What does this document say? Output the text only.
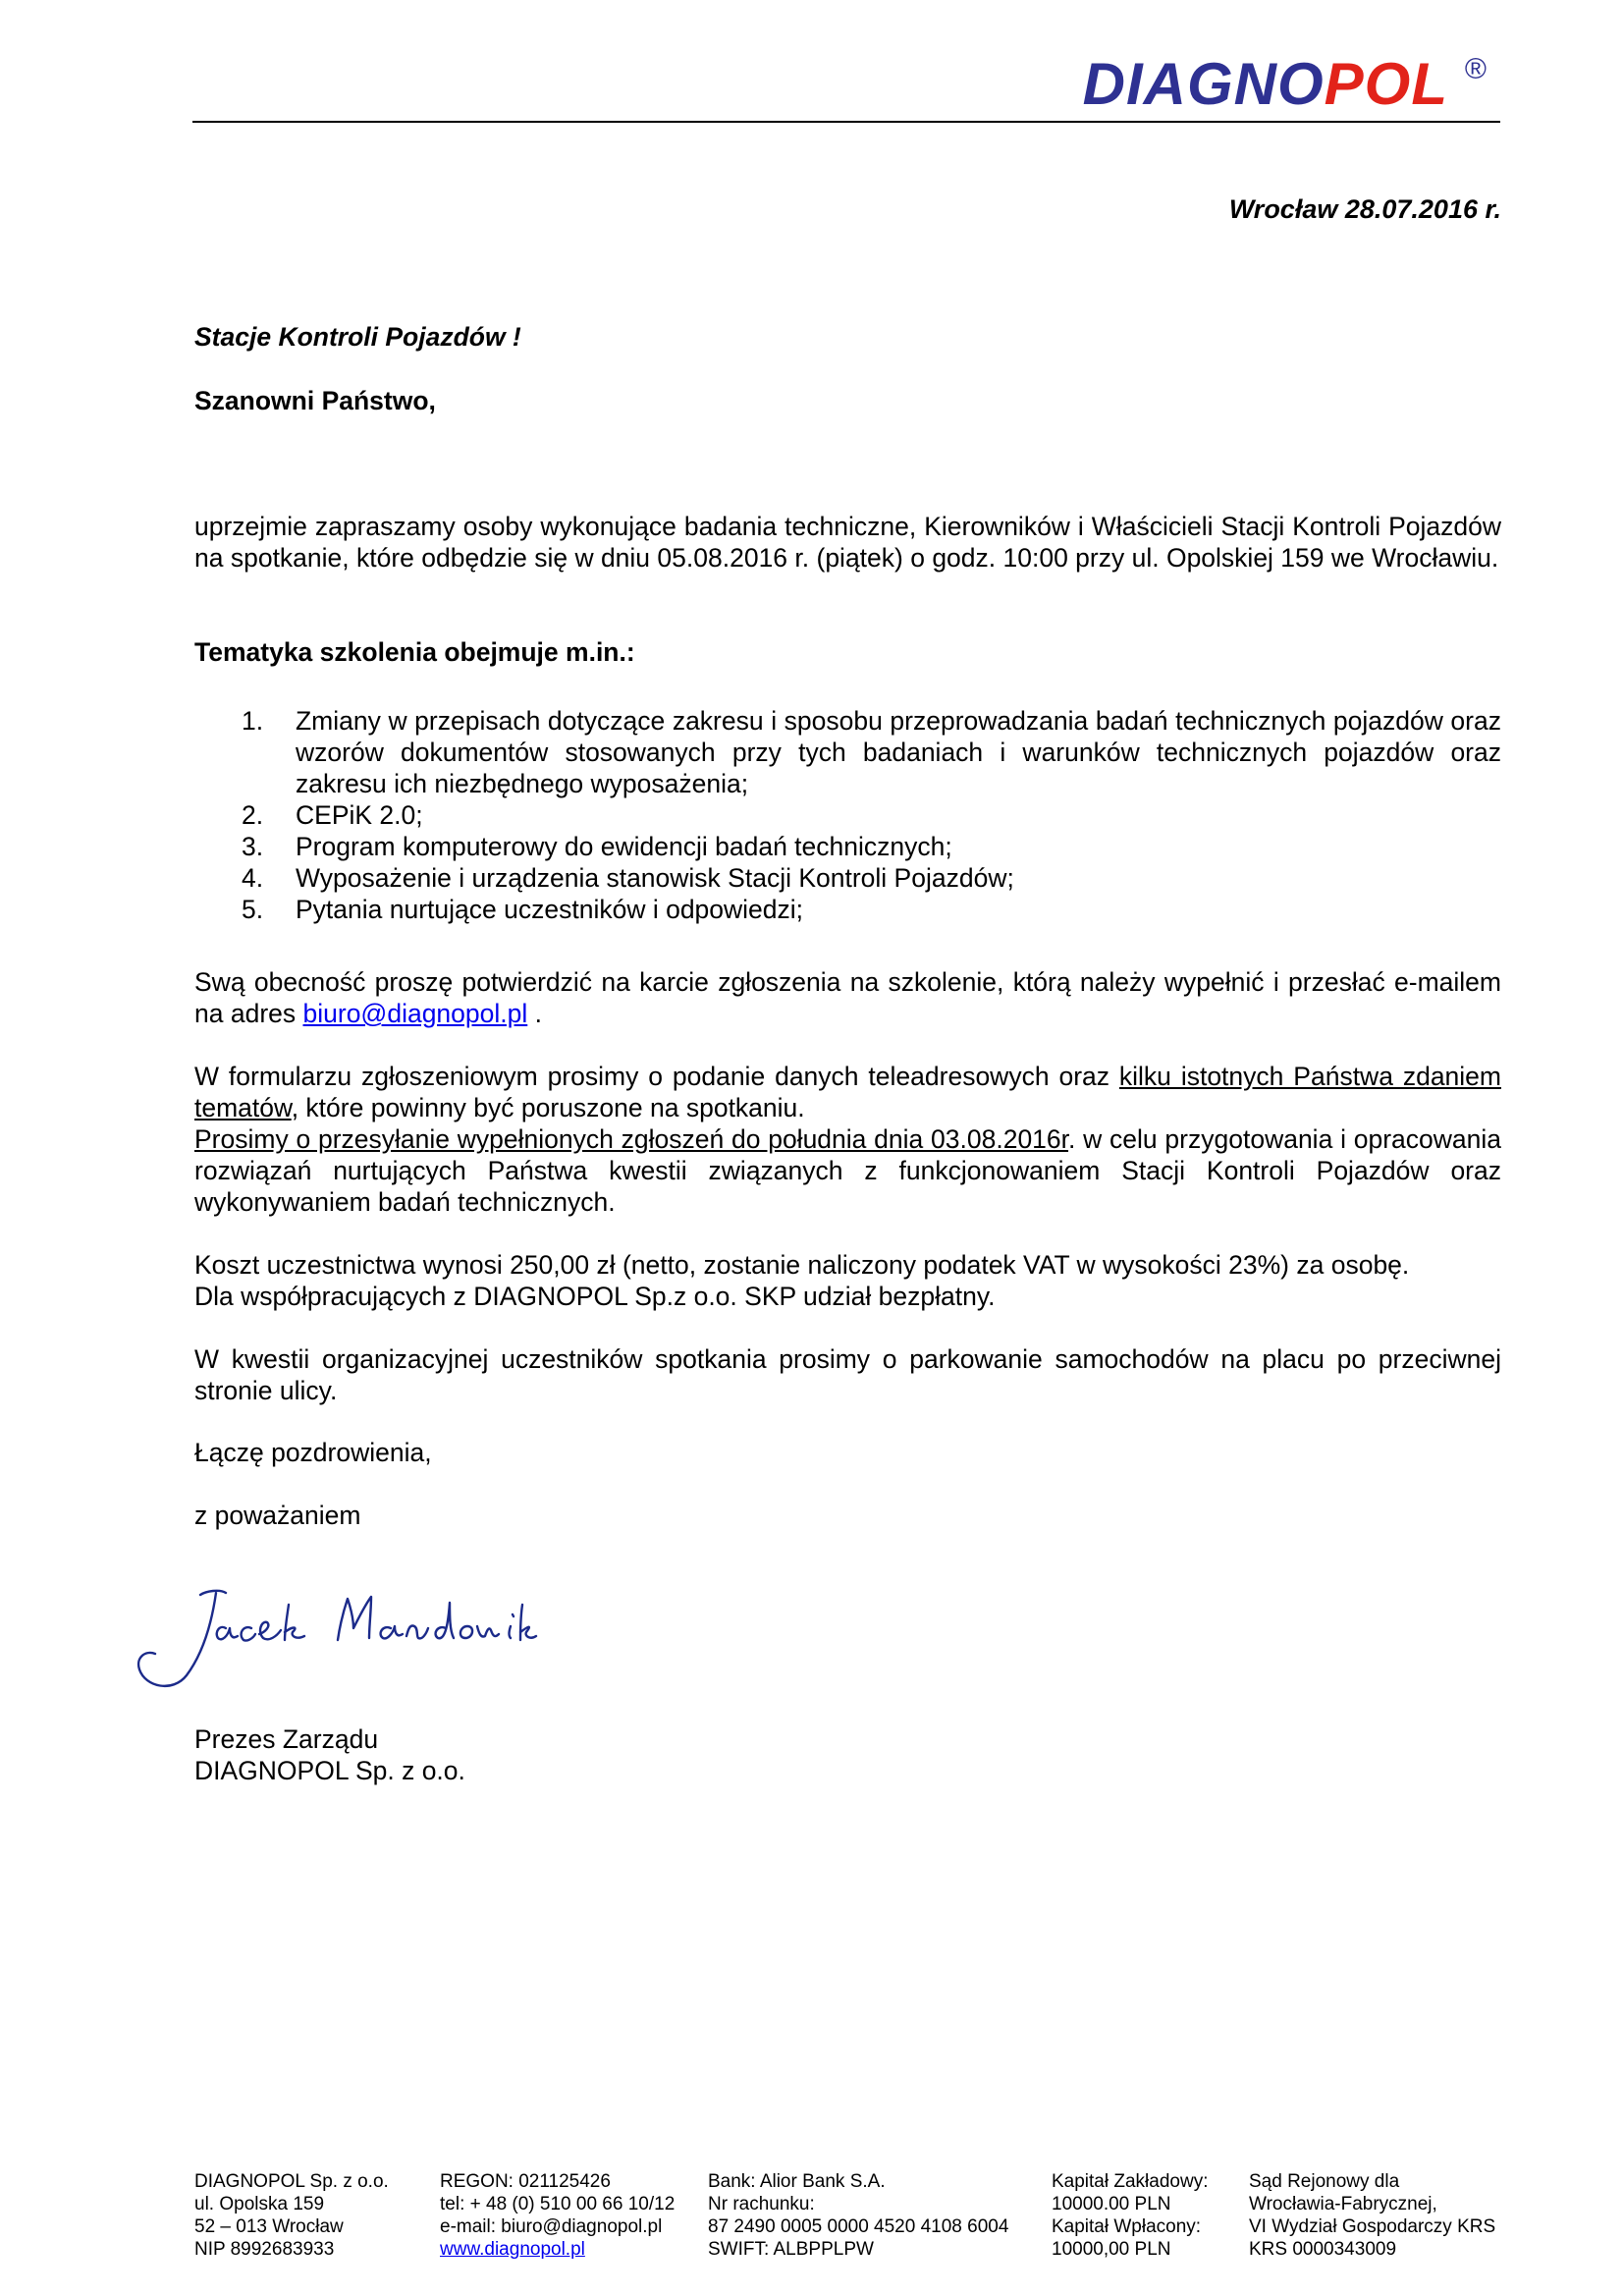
DIAGNOPOL ®
Wrocław 28.07.2016 r.
Stacje Kontroli Pojazdów !
Szanowni Państwo,
uprzejmie zapraszamy osoby wykonujące badania techniczne, Kierowników i Właścicieli Stacji Kontroli Pojazdów na spotkanie, które odbędzie się w dniu 05.08.2016 r. (piątek) o godz. 10:00 przy ul. Opolskiej 159 we Wrocławiu.
Tematyka szkolenia obejmuje m.in.:
1. Zmiany w przepisach dotyczące zakresu i sposobu przeprowadzania badań technicznych pojazdów oraz wzorów dokumentów stosowanych przy tych badaniach i warunków technicznych pojazdów oraz zakresu ich niezbędnego wyposażenia;
2. CEPiK 2.0;
3. Program komputerowy do ewidencji badań technicznych;
4. Wyposażenie i urządzenia stanowisk Stacji Kontroli Pojazdów;
5. Pytania nurtujące uczestników i odpowiedzi;
Swą obecność proszę potwierdzić na karcie zgłoszenia na szkolenie, którą należy wypełnić i przesłać e-mailem na adres biuro@diagnopol.pl .
W formularzu zgłoszeniowym prosimy o podanie danych teleadresowych oraz kilku istotnych Państwa zdaniem tematów, które powinny być poruszone na spotkaniu.
Prosimy o przesyłanie wypełnionych zgłoszeń do południa dnia 03.08.2016r. w celu przygotowania i opracowania rozwiązań nurtujących Państwa kwestii związanych z funkcjonowaniem Stacji Kontroli Pojazdów oraz wykonywaniem badań technicznych.
Koszt uczestnictwa wynosi 250,00 zł (netto, zostanie naliczony podatek VAT w wysokości 23%) za osobę.
Dla współpracujących z DIAGNOPOL Sp.z o.o. SKP udział bezpłatny.
W kwestii organizacyjnej uczestników spotkania prosimy o parkowanie samochodów na placu po przeciwnej stronie ulicy.
Łączę pozdrowienia,
z poważaniem
Prezes Zarządu
DIAGNOPOL Sp. z o.o.
DIAGNOPOL Sp. z o.o.
ul. Opolska 159
52 – 013 Wrocław
NIP 8992683933
REGON: 021125426
tel: + 48 (0) 510 00 66 10/12
e-mail: biuro@diagnopol.pl
www.diagnopol.pl
Bank: Alior Bank S.A.
Nr rachunku:
87 2490 0005 0000 4520 4108 6004
SWIFT: ALBPPLPW
Kapitał Zakładowy:
10000.00 PLN
Kapitał Wpłacony:
10000,00 PLN
Sąd Rejonowy dla
Wrocławia-Fabrycznej,
VI Wydział Gospodarczy KRS
KRS 0000343009
